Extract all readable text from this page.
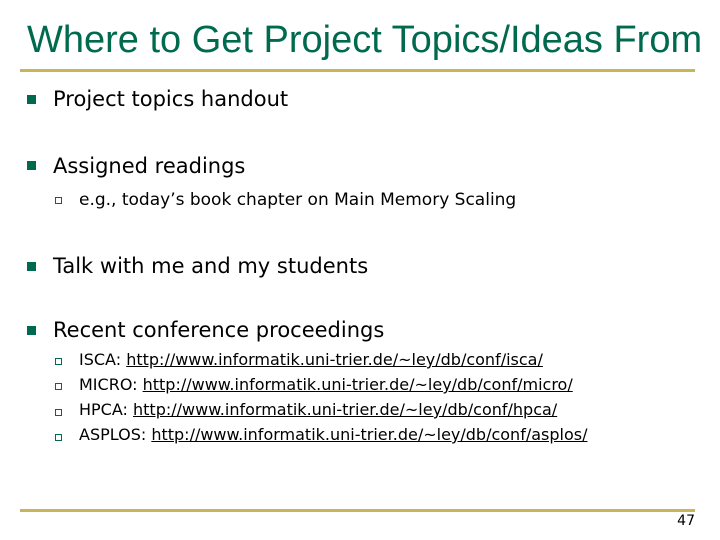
Where to Get Project Topics/Ideas From
Project topics handout
Assigned readings
e.g., today’s book chapter on Main Memory Scaling
Talk with me and my students
Recent conference proceedings
ISCA: http://www.informatik.uni-trier.de/~ley/db/conf/isca/
MICRO: http://www.informatik.uni-trier.de/~ley/db/conf/micro/
HPCA: http://www.informatik.uni-trier.de/~ley/db/conf/hpca/
ASPLOS: http://www.informatik.uni-trier.de/~ley/db/conf/asplos/
47
